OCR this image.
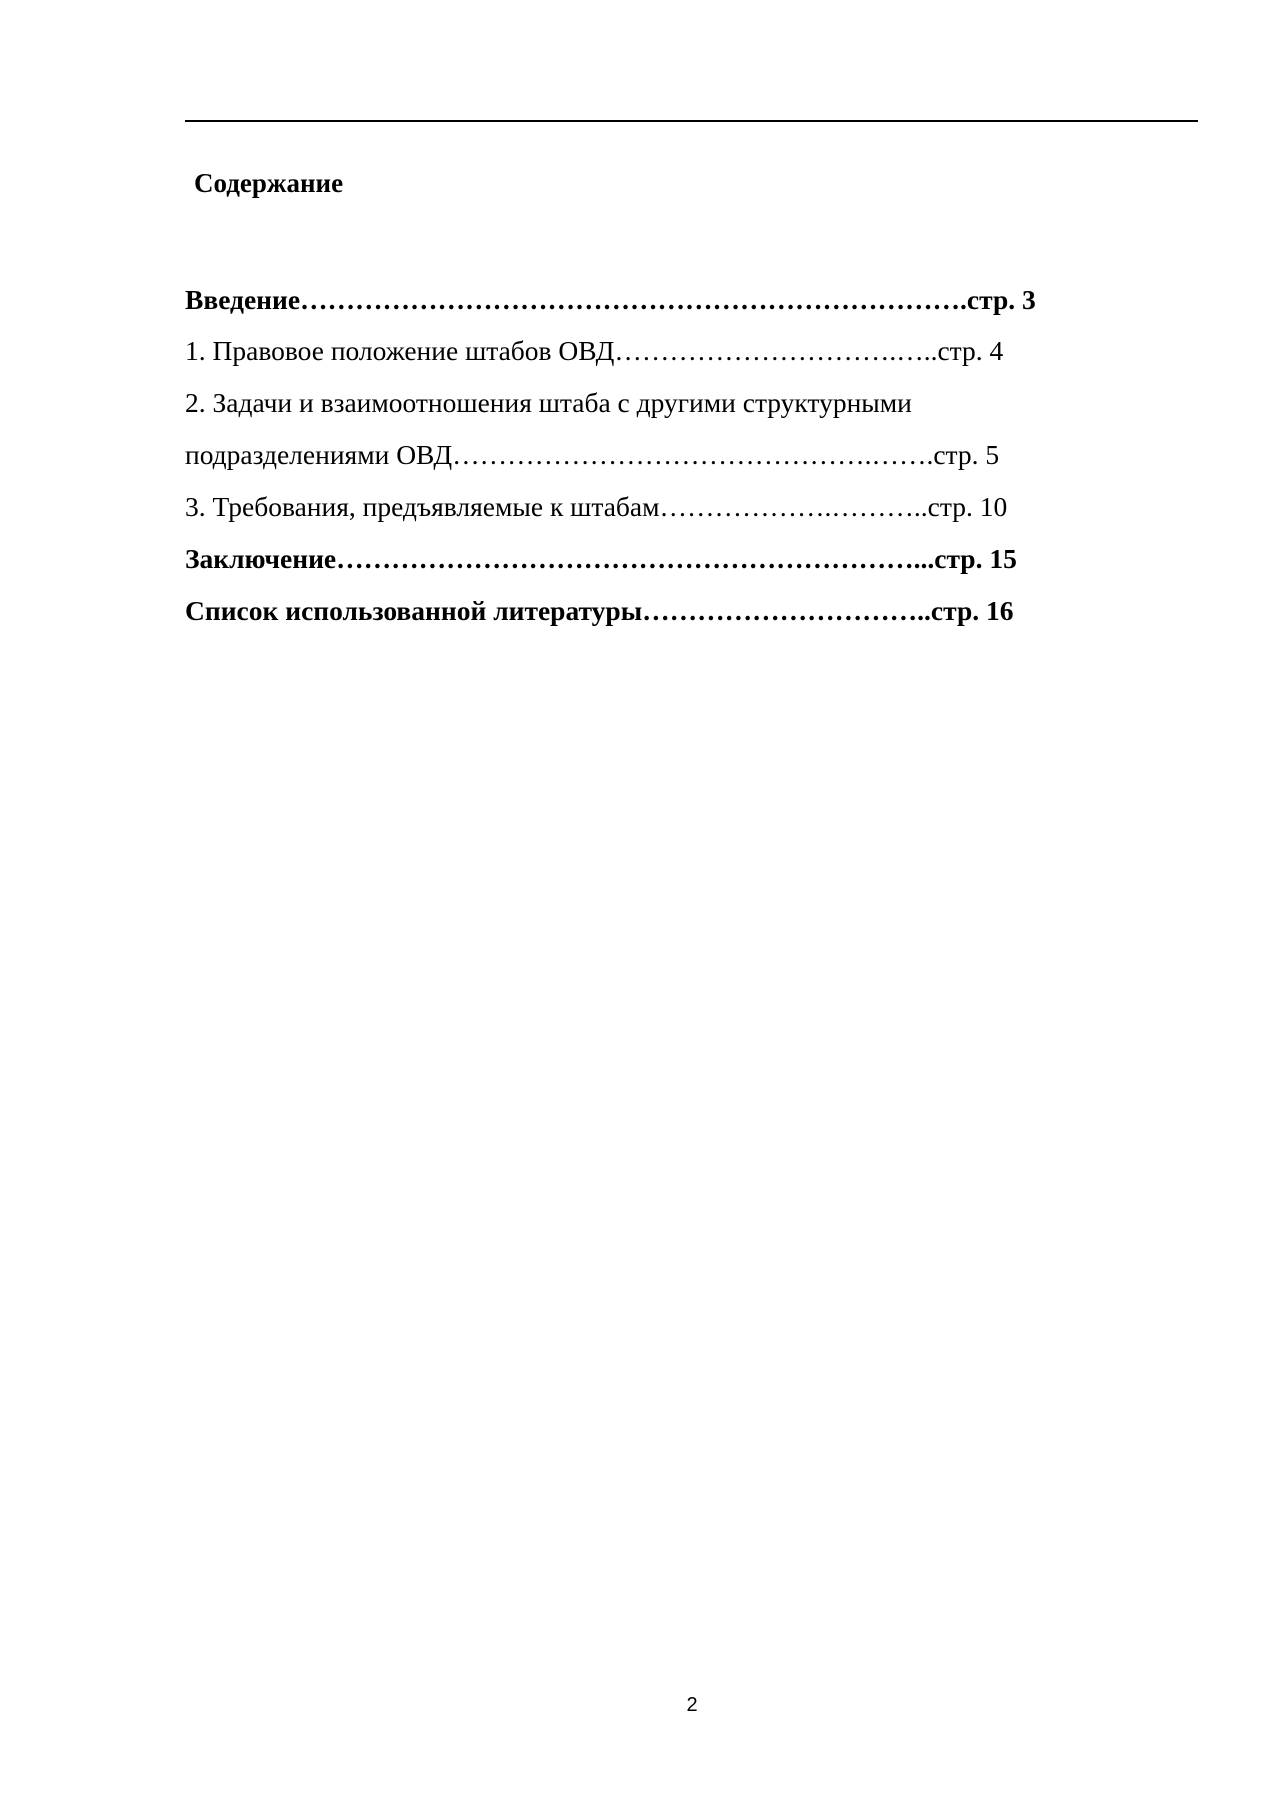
Содержание
Введение……………………………………………………………….стр. 3
1. Правовое положение штабов ОВД………………………….…..стр. 4
2. Задачи и взаимоотношения штаба с другими структурными
подразделениями ОВД……………………………………….…….стр. 5
3. Требования, предъявляемые к штабам……………….………..стр. 10
Заключение………………………………………………………...стр. 15
Список использованной литературы…………………………..стр. 16
2
